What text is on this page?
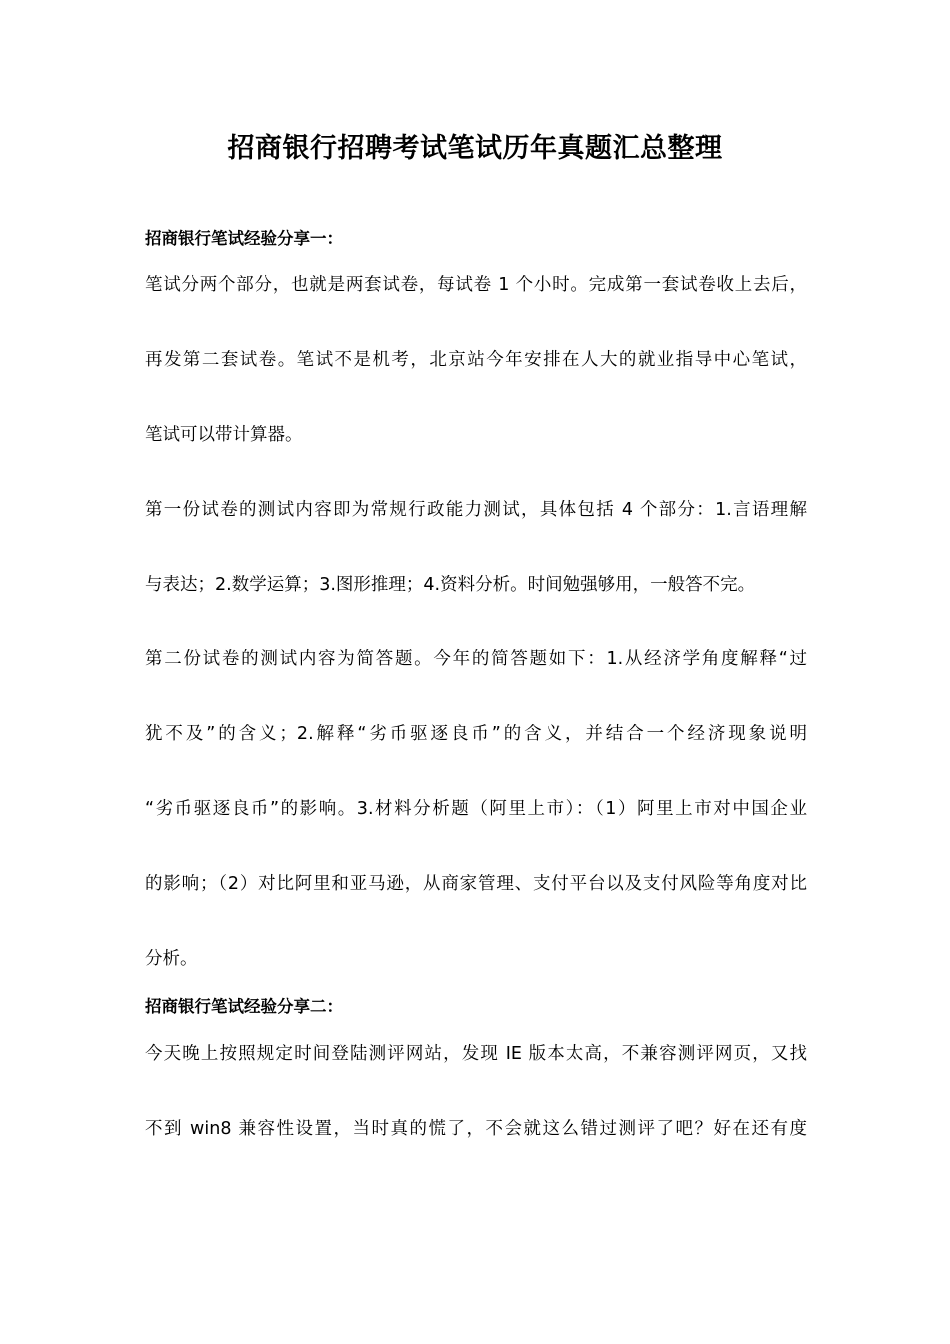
招商银行招聘考试笔试历年真题汇总整理
招商银行笔试经验分享一：
笔试分两个部分，也就是两套试卷，每试卷 1 个小时。完成第一套试卷收上去后，
再发第二套试卷。笔试不是机考，北京站今年安排在人大的就业指导中心笔试，
笔试可以带计算器。
第一份试卷的测试内容即为常规行政能力测试，具体包括 4 个部分：1.言语理解
与表达；2.数学运算；3.图形推理；4.资料分析。时间勉强够用，一般答不完。
第二份试卷的测试内容为简答题。今年的简答题如下：1.从经济学角度解释“过
犹不及”的含义；2.解释“劣币驱逐良币”的含义，并结合一个经济现象说明
“劣币驱逐良币”的影响。3.材料分析题（阿里上市）：（1）阿里上市对中国企业
的影响；（2）对比阿里和亚马逊，从商家管理、支付平台以及支付风险等角度对比
分析。
招商银行笔试经验分享二：
今天晚上按照规定时间登陆测评网站，发现 IE 版本太高，不兼容测评网页，又找
不到 win8 兼容性设置，当时真的慌了，不会就这么错过测评了吧？好在还有度
